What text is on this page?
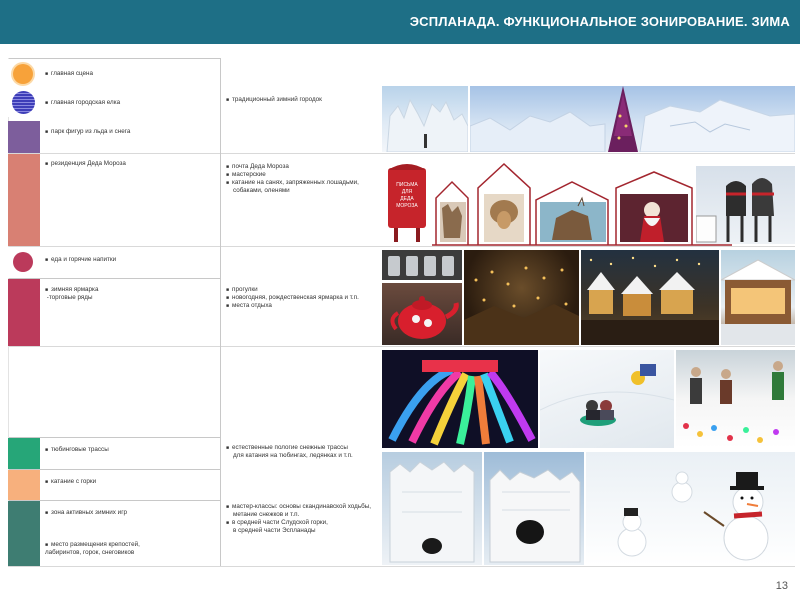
ЭСПЛАНАДА. ФУНКЦИОНАЛЬНОЕ ЗОНИРОВАНИЕ. ЗИМА
■ главная сцена
■ главная городская елка
■ парк фигур из льда и снега
■ резиденция Деда Мороза
■ еда и горячие напитки
■ зимняя ярмарка
-торговые ряды
■ тюбинговые трассы
■ катание с горки
■ зона активных зимних игр
■ место размещения крепостей,
лабиринтов, горок, снеговиков
■ традиционный зимний городок
■ почта Деда Мороза
■ мастерские
■ катание на санях, запряженных лошадьми,
собаками, оленями
■ прогулки
■ новогодняя, рождественская ярмарка и т.п.
■ места отдыха
■ естественные пологие снежные трассы
для катания на тюбингах, ледянках и т.п.
■ мастер-классы: основы скандинавской ходьбы,
метание снежков и т.п.
■ в средней части Слудской горки,
в средней части Эспланады
ПИСЬМА
ДЛЯ
ДЕДА
МОРОЗА
13
